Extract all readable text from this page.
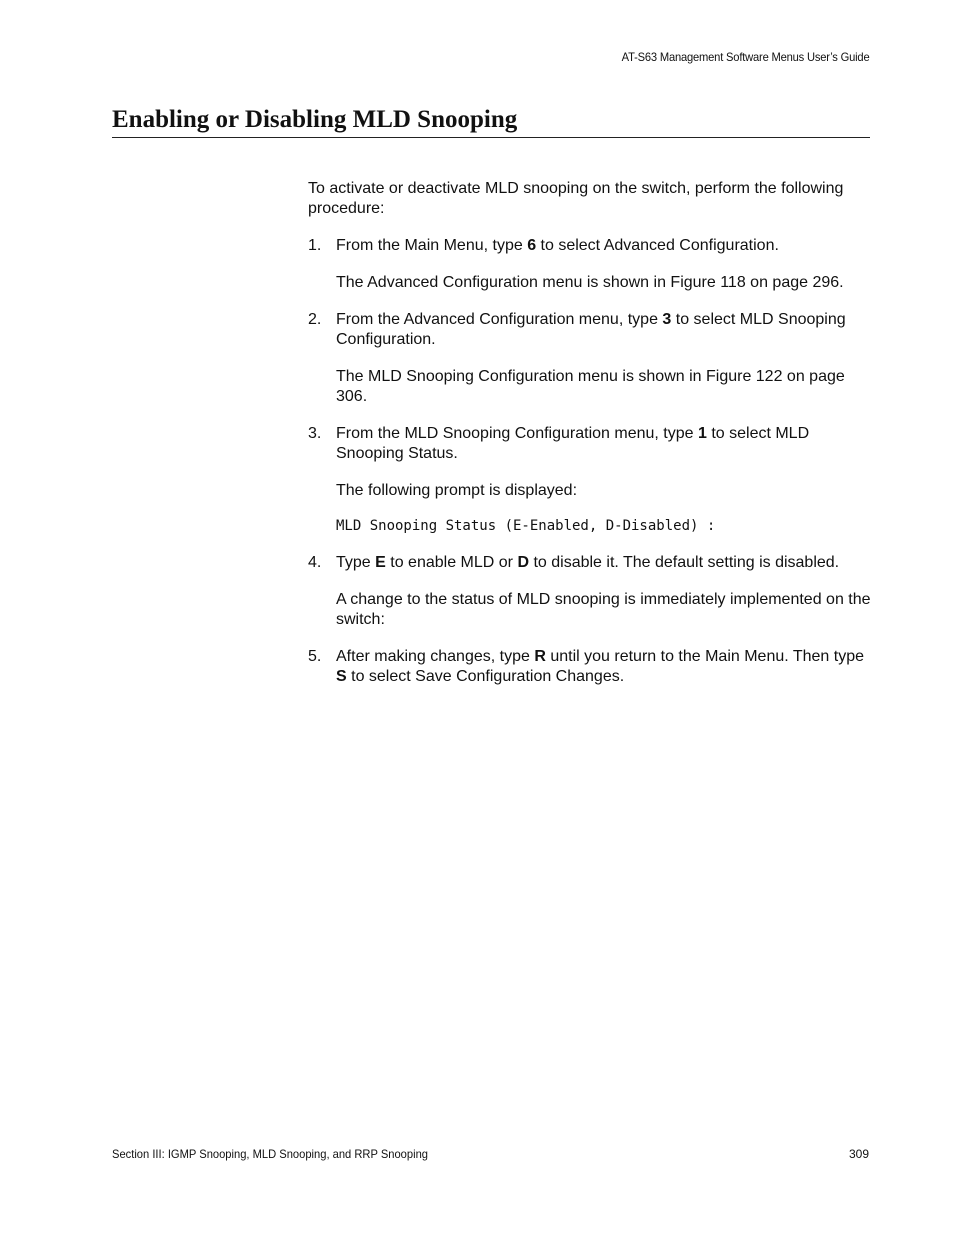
AT-S63 Management Software Menus User’s Guide
Enabling or Disabling MLD Snooping

To activate or deactivate MLD snooping on the switch, perform the following procedure:

1. From the Main Menu, type 6 to select Advanced Configuration.

The Advanced Configuration menu is shown in Figure 118 on page 296.

2. From the Advanced Configuration menu, type 3 to select MLD Snooping Configuration.

The MLD Snooping Configuration menu is shown in Figure 122 on page 306.

3. From the MLD Snooping Configuration menu, type 1 to select MLD Snooping Status.

The following prompt is displayed:

MLD Snooping Status (E-Enabled, D-Disabled) :
4. Type E to enable MLD or D to disable it. The default setting is disabled.

A change to the status of MLD snooping is immediately implemented on the switch:

5. After making changes, type R until you return to the Main Menu. Then type S to select Save Configuration Changes.

Section III: IGMP Snooping, MLD Snooping, and RRP Snooping	309
